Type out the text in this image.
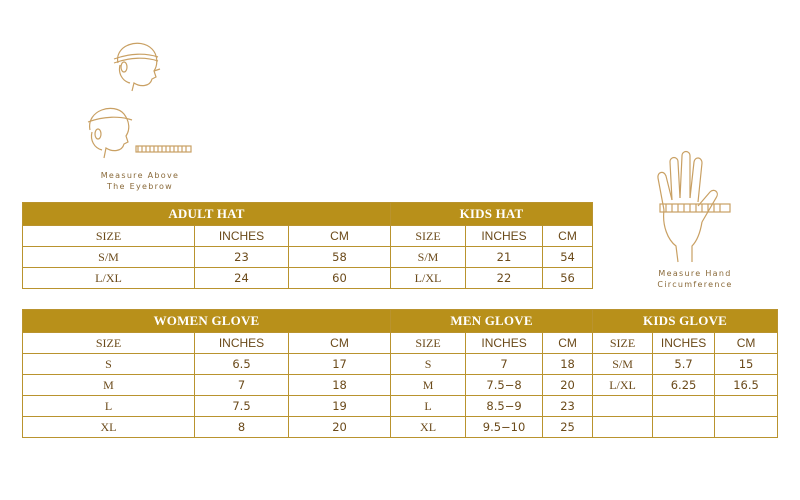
Measure Above
The Eyebrow
Measure Hand
Circumference
ADULT HAT			KIDS HAT		
SIZE	INCHES	CM	SIZE	INCHES	CM
S/M	23	58	S/M	21	54
L/XL	24	60	L/XL	22	56
WOMEN GLOVE			MEN GLOVE			KIDS GLOVE		
SIZE	INCHES	CM	SIZE	INCHES	CM	SIZE	INCHES	CM
S	6.5	17	S	7	18	S/M	5.7	15
M	7	18	M	7.5−8	20	L/XL	6.25	16.5
L	7.5	19	L	8.5−9	23			
XL	8	20	XL	9.5−10	25			
